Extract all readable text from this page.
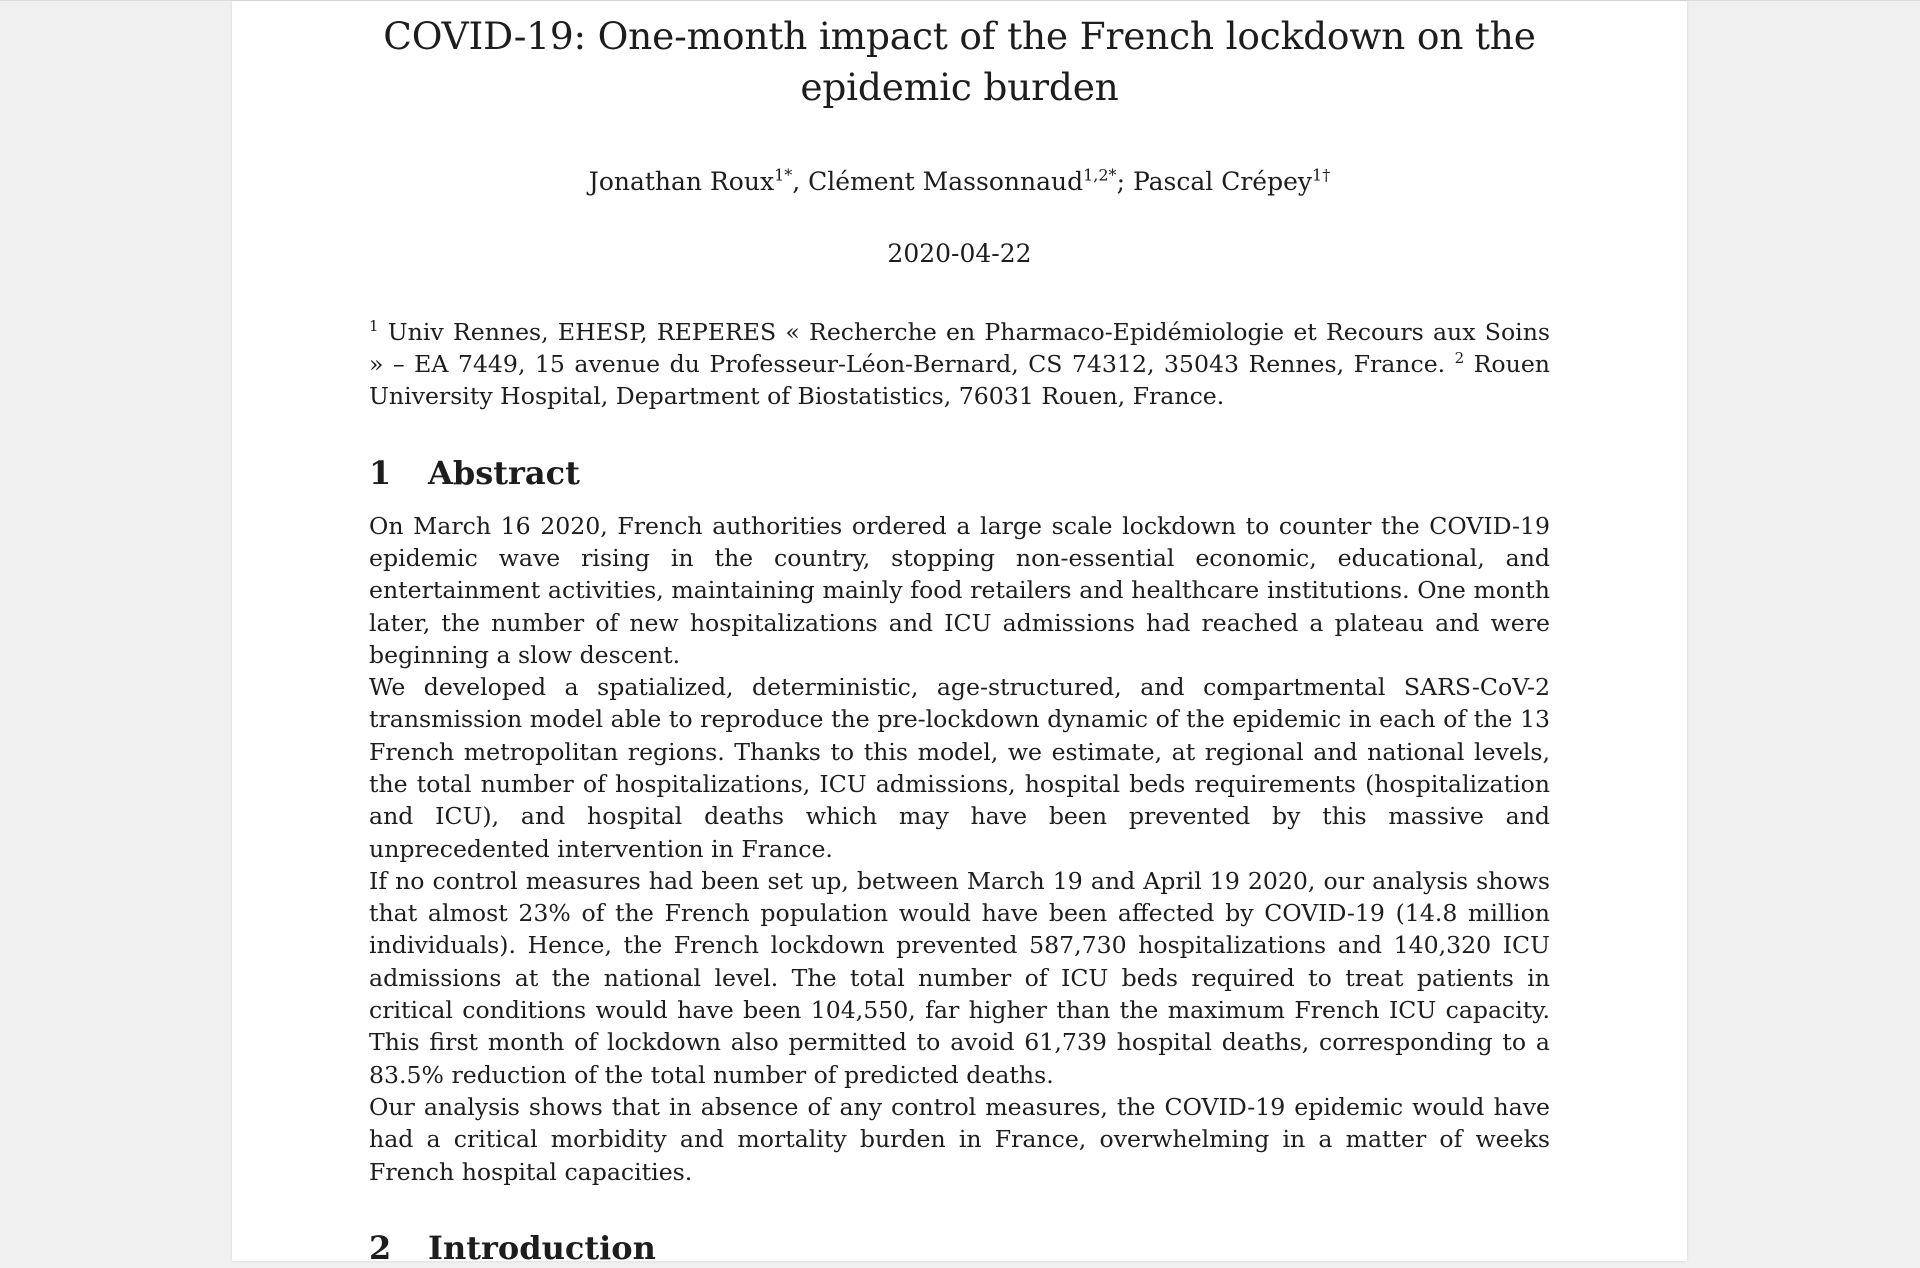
COVID-19: One-month impact of the French lockdown on the epidemic burden
Jonathan Roux$^{1*}$, Clément Massonnaud$^{1,2*}$; Pascal Crépey$^{1\dagger}$
2020-04-22

$^1$ Univ Rennes, EHESP, REPERES « Recherche en Pharmaco-Epidémiologie et Recours aux Soins » – EA 7449, 15 avenue du Professeur-Léon-Bernard, CS 74312, 35043 Rennes, France. $^2$ Rouen University Hospital, Department of Biostatistics, 76031 Rouen, France.

1	Abstract

On March 16 2020, French authorities ordered a large scale lockdown to counter the COVID-19 epidemic wave rising in the country, stopping non-essential economic, educational, and entertainment activities, maintaining mainly food retailers and healthcare institutions. One month later, the number of new hospitalizations and ICU admissions had reached a plateau and were beginning a slow descent.

We developed a spatialized, deterministic, age-structured, and compartmental SARS-CoV-2 transmission model able to reproduce the pre-lockdown dynamic of the epidemic in each of the 13 French metropolitan regions. Thanks to this model, we estimate, at regional and national levels, the total number of hospitalizations, ICU admissions, hospital beds requirements (hospitalization and ICU), and hospital deaths which may have been prevented by this massive and unprecedented intervention in France.

If no control measures had been set up, between March 19 and April 19 2020, our analysis shows that almost 23% of the French population would have been affected by COVID-19 (14.8 million individuals). Hence, the French lockdown prevented 587,730 hospitalizations and 140,320 ICU admissions at the national level. The total number of ICU beds required to treat patients in critical conditions would have been 104,550, far higher than the maximum French ICU capacity. This first month of lockdown also permitted to avoid 61,739 hospital deaths, corresponding to a 83.5% reduction of the total number of predicted deaths.

Our analysis shows that in absence of any control measures, the COVID-19 epidemic would have had a critical morbidity and mortality burden in France, overwhelming in a matter of weeks French hospital capacities.

2 Introduction
